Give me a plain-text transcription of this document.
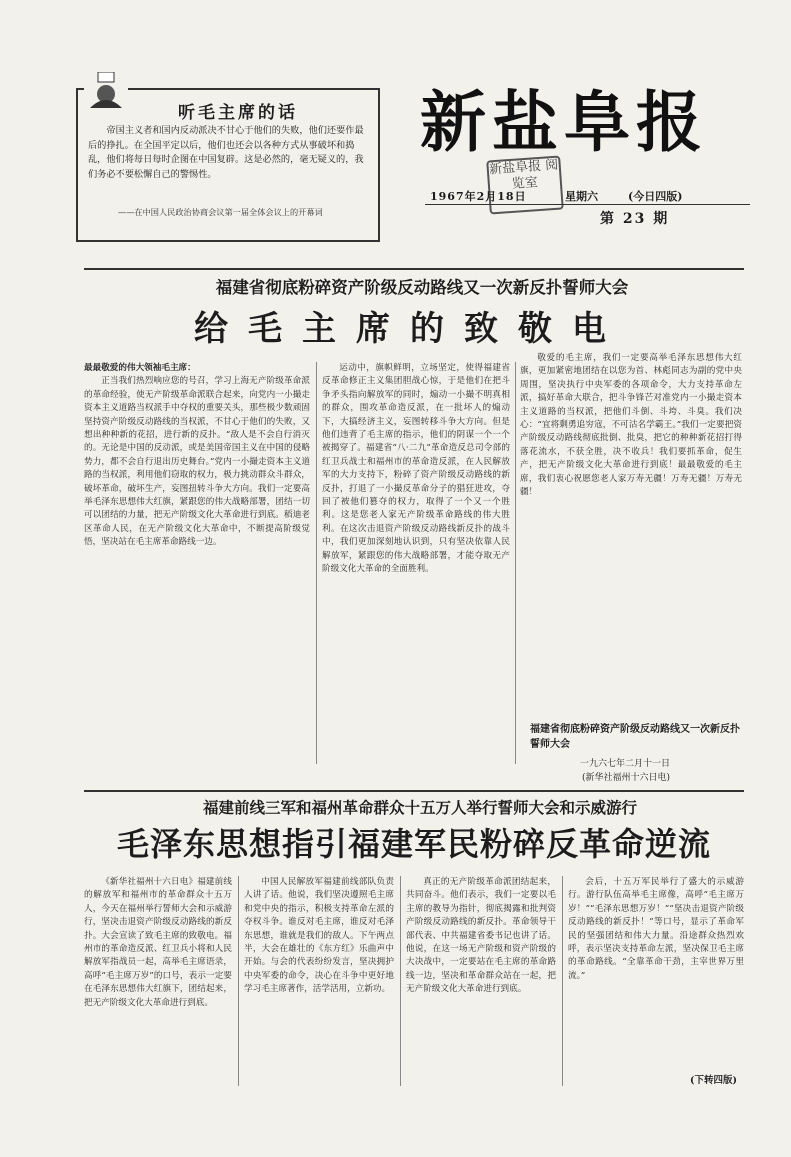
听毛主席的话
帝国主义者和国内反动派决不甘心于他们的失败，他们还要作最后的挣扎。在全国平定以后，他们也还会以各种方式从事破坏和捣乱，他们将每日每时企图在中国复辟。这是必然的，毫无疑义的，我们务必不要松懈自己的警惕性。
——在中国人民政治协商会议第一届全体会议上的开幕词
新盐阜报
新盐阜报 阅览室
1967年2月18日	星期六	(今日四版)
第 23 期
福建省彻底粉碎资产阶级反动路线又一次新反扑誓师大会
给毛主席的致敬电

最最敬爱的伟大领袖毛主席：

正当我们热烈响应您的号召，学习上海无产阶级革命派的革命经验，使无产阶级革命派联合起来，向党内一小撮走资本主义道路当权派手中夺权的重要关头，那些极少数顽固坚持资产阶级反动路线的当权派，不甘心于他们的失败，又想出种种新的花招，进行新的反扑。“敌人是不会自行消灭的。无论是中国的反动派，或是美国帝国主义在中国的侵略势力，都不会自行退出历史舞台。”党内一小撮走资本主义道路的当权派，利用他们窃取的权力，极力挑动群众斗群众，破坏革命，破坏生产，妄图扭转斗争大方向。我们一定要高举毛泽东思想伟大红旗，紧跟您的伟大战略部署，团结一切可以团结的力量，把无产阶级文化大革命进行到底。稻迪老区革命人民，在无产阶级文化大革命中，不断提高阶级觉悟，坚决站在毛主席革命路线一边。

运动中，旗帜鲜明，立场坚定，使得福建省反革命修正主义集团胆战心惊，于是他们在把斗争矛头指向解放军的同时，煽动一小撮不明真相的群众，围攻革命造反派，在一批坏人的煽动下，大搞经济主义，妄图转移斗争大方向。但是他们违背了毛主席的指示，他们的阴谋一个一个被揭穿了。福建省“八·二九”革命造反总司令部的红卫兵战士和福州市的革命造反派，在人民解放军的大力支持下，粉碎了资产阶级反动路线的新反扑，打退了一小撮反革命分子的猖狂进攻，夺回了被他们篡夺的权力，取得了一个又一个胜利。这是您老人家无产阶级革命路线的伟大胜利。在这次击退资产阶级反动路线新反扑的战斗中，我们更加深刻地认识到，只有坚决依靠人民解放军，紧跟您的伟大战略部署，才能夺取无产阶级文化大革命的全面胜利。

敬爱的毛主席，我们一定要高举毛泽东思想伟大红旗，更加紧密地团结在以您为首、林彪同志为副的党中央周围，坚决执行中央军委的各项命令，大力支持革命左派，搞好革命大联合，把斗争锋芒对准党内一小撮走资本主义道路的当权派，把他们斗倒、斗垮、斗臭。我们决心：“宜将剩勇追穷寇，不可沽名学霸王。”我们一定要把资产阶级反动路线彻底批倒、批臭，把它的种种新花招打得落花流水，不获全胜，决不收兵！我们要抓革命，促生产，把无产阶级文化大革命进行到底！最最敬爱的毛主席，我们衷心祝愿您老人家万寿无疆！万寿无疆！万寿无疆！

福建省彻底粉碎资产阶级反动路线又一次新反扑誓师大会
一九六七年二月十一日
(新华社福州十六日电)
福建前线三军和福州革命群众十五万人举行誓师大会和示威游行
毛泽东思想指引福建军民粉碎反革命逆流

《新华社福州十六日电》福建前线的解放军和福州市的革命群众十五万人，今天在福州举行誓师大会和示威游行，坚决击退资产阶级反动路线的新反扑。大会宣读了致毛主席的致敬电。福州市的革命造反派、红卫兵小将和人民解放军指战员一起，高举毛主席语录，高呼“毛主席万岁”的口号，表示一定要在毛泽东思想伟大红旗下，团结起来，把无产阶级文化大革命进行到底。

中国人民解放军福建前线部队负责人讲了话。他说，我们坚决遵照毛主席和党中央的指示，积极支持革命左派的夺权斗争。谁反对毛主席，谁反对毛泽东思想，谁就是我们的敌人。下午两点半，大会在雄壮的《东方红》乐曲声中开始。与会的代表纷纷发言，坚决拥护中央军委的命令，决心在斗争中更好地学习毛主席著作，活学活用，立新功。

真正的无产阶级革命派团结起来，共同奋斗。他们表示，我们一定要以毛主席的教导为指针，彻底揭露和批判资产阶级反动路线的新反扑。革命领导干部代表、中共福建省委书记也讲了话。他说，在这一场无产阶级和资产阶级的大决战中，一定要站在毛主席的革命路线一边，坚决和革命群众站在一起，把无产阶级文化大革命进行到底。

会后，十五万军民举行了盛大的示威游行。游行队伍高举毛主席像，高呼“毛主席万岁！”“毛泽东思想万岁！”“坚决击退资产阶级反动路线的新反扑！”等口号，显示了革命军民的坚强团结和伟大力量。沿途群众热烈欢呼，表示坚决支持革命左派，坚决保卫毛主席的革命路线。“全靠革命干劲，主宰世界万里流。”

(下转四版)
